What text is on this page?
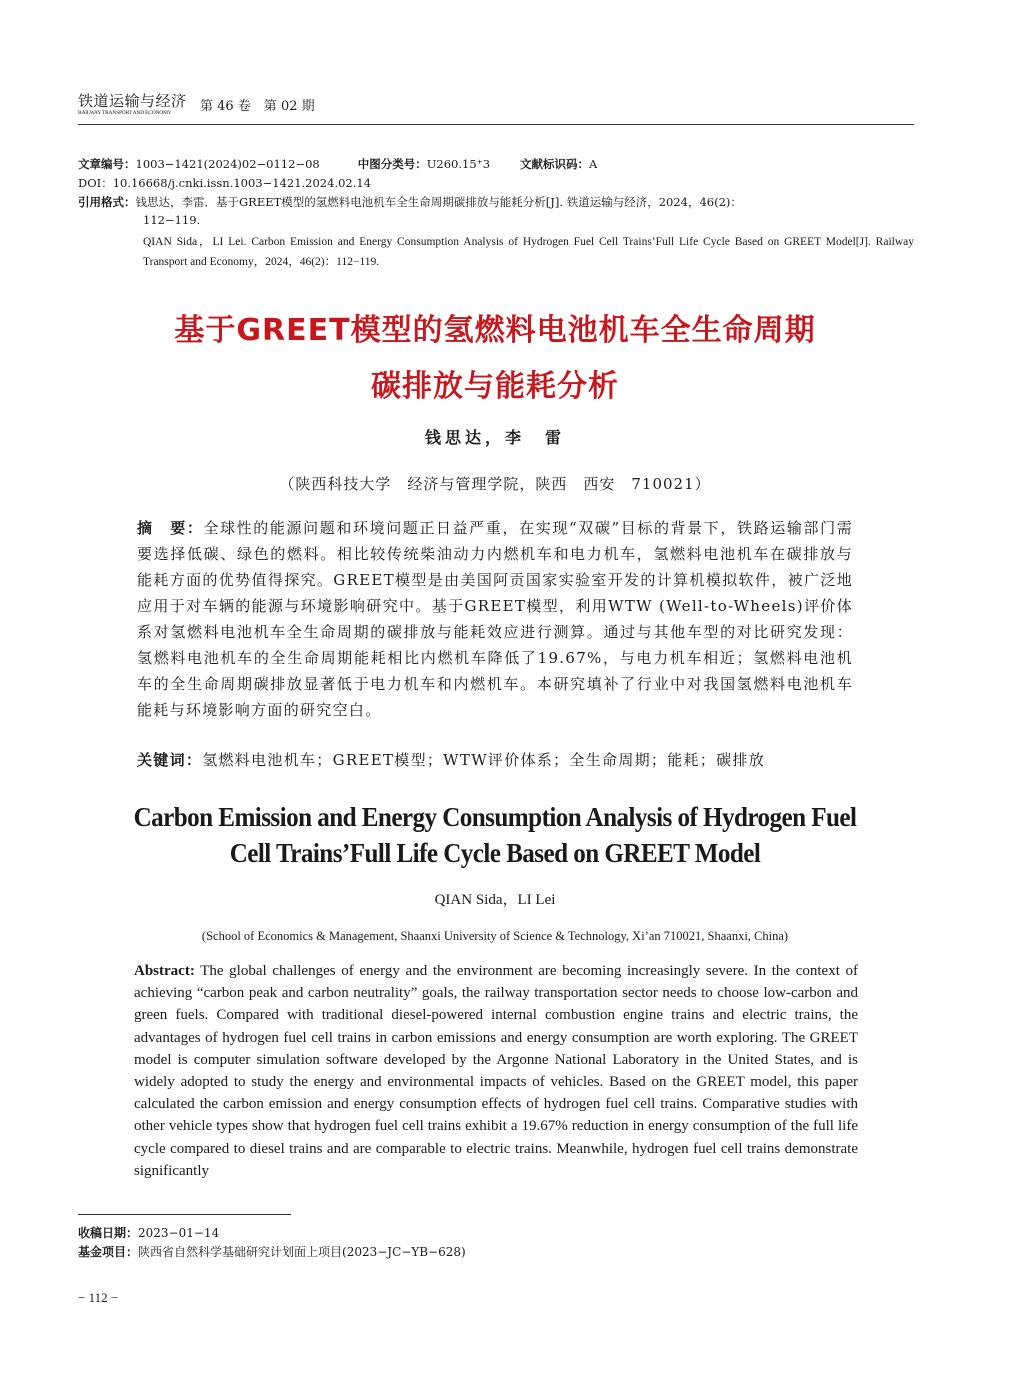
铁道运输与经济
RAILWAY TRANSPORT AND ECONOMY 第 46 卷　第 02 期
文章编号：1003−1421(2024)02−0112−08	中图分类号：U260.15⁺3	文献标识码：A
DOI：10.16668/j.cnki.issn.1003−1421.2024.02.14
引用格式：钱思达，李雷．基于GREET模型的氢燃料电池机车全生命周期碳排放与能耗分析[J]. 铁道运输与经济，2024，46(2)：
112−119.
QIAN Sida，LI Lei. Carbon Emission and Energy Consumption Analysis of Hydrogen Fuel Cell Trains’Full Life Cycle Based on GREET Model[J]. Railway Transport and Economy，2024，46(2)：112−119.
基于GREET模型的氢燃料电池机车全生命周期
碳排放与能耗分析
钱思达，李　雷
（陕西科技大学　经济与管理学院，陕西　西安　710021）
摘　要：全球性的能源问题和环境问题正日益严重，在实现“双碳”目标的背景下，铁路运输部门需要选择低碳、绿色的燃料。相比较传统柴油动力内燃机车和电力机车，氢燃料电池机车在碳排放与能耗方面的优势值得探究。GREET模型是由美国阿贡国家实验室开发的计算机模拟软件，被广泛地应用于对车辆的能源与环境影响研究中。基于GREET模型，利用WTW (Well-to-Wheels)评价体系对氢燃料电池机车全生命周期的碳排放与能耗效应进行测算。通过与其他车型的对比研究发现：氢燃料电池机车的全生命周期能耗相比内燃机车降低了19.67%，与电力机车相近；氢燃料电池机车的全生命周期碳排放显著低于电力机车和内燃机车。本研究填补了行业中对我国氢燃料电池机车能耗与环境影响方面的研究空白。
关键词：氢燃料电池机车；GREET模型；WTW评价体系；全生命周期；能耗；碳排放
Carbon Emission and Energy Consumption Analysis of Hydrogen Fuel
Cell Trains’Full Life Cycle Based on GREET Model
QIAN Sida，LI Lei
(School of Economics & Management, Shaanxi University of Science & Technology, Xi’an 710021, Shaanxi, China)
Abstract: The global challenges of energy and the environment are becoming increasingly severe. In the context of achieving “carbon peak and carbon neutrality” goals, the railway transportation sector needs to choose low-carbon and green fuels. Compared with traditional diesel-powered internal combustion engine trains and electric trains, the advantages of hydrogen fuel cell trains in carbon emissions and energy consumption are worth exploring. The GREET model is computer simulation software developed by the Argonne National Laboratory in the United States, and is widely adopted to study the energy and environmental impacts of vehicles. Based on the GREET model, this paper calculated the carbon emission and energy consumption effects of hydrogen fuel cell trains. Comparative studies with other vehicle types show that hydrogen fuel cell trains exhibit a 19.67% reduction in energy consumption of the full life cycle compared to diesel trains and are comparable to electric trains. Meanwhile, hydrogen fuel cell trains demonstrate significantly
收稿日期：2023−01−14
基金项目：陕西省自然科学基础研究计划面上项目(2023−JC−YB−628)
− 112 −
